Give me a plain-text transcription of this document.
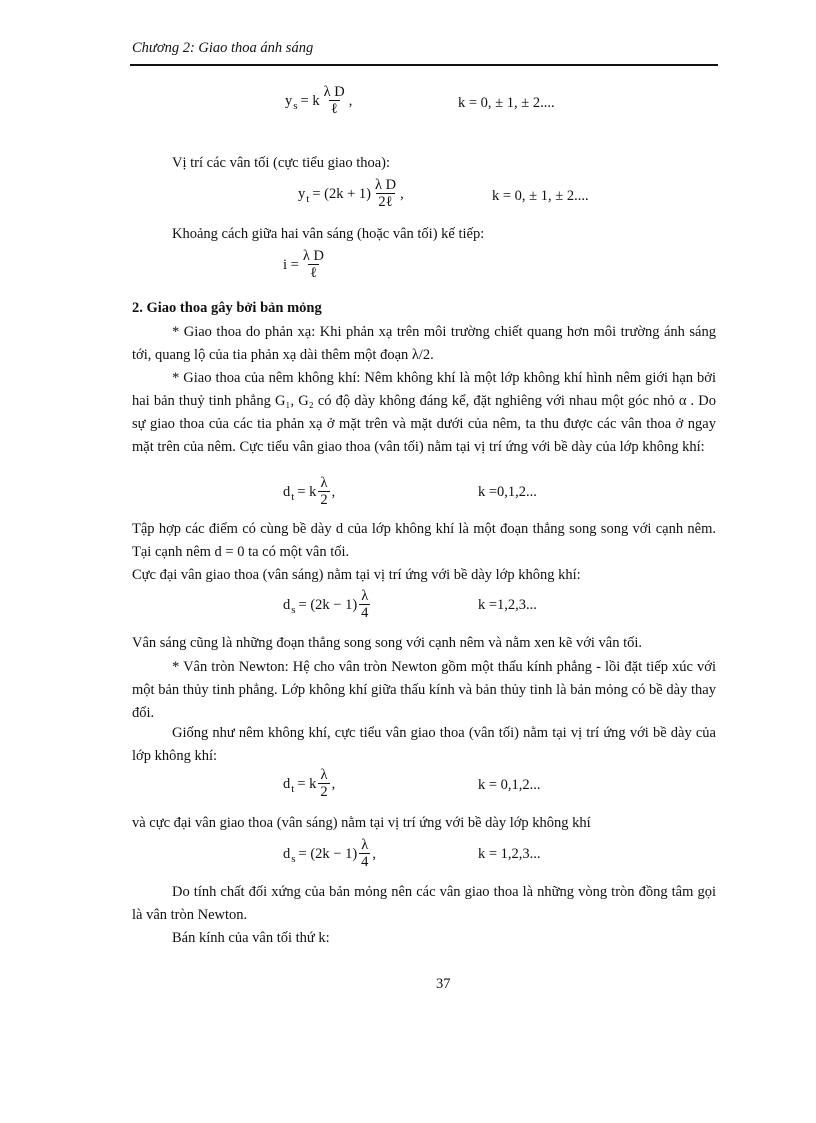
Chương 2: Giao thoa ánh sáng
y s = k $\frac{\text{λ D}}{\text{ℓ}}$ ,	k = 0, ± 1, ± 2....
Vị trí các vân tối (cực tiểu giao thoa):
y $t = (2k + 1) \frac{\text{λ D}}{\text{2ℓ}}$ ,	k = 0, ± 1, ± 2....
Khoảng cách giữa hai vân sáng (hoặc vân tối) kế tiếp:
$i = \frac{\text{λ D}}{\text{ℓ}}$
2. Giao thoa gây bởi bản mỏng
* Giao thoa do phản xạ: Khi phản xạ trên môi trường chiết quang hơn môi trường ánh sáng tới, quang lộ của tia phản xạ dài thêm một đoạn λ/2.
* Giao thoa của nêm không khí: Nêm không khí là một lớp không khí hình nêm giới hạn bởi hai bản thuỷ tinh phẳng G₁, G₂ có độ dày không đáng kể, đặt nghiêng với nhau một góc nhỏ α . Do sự giao thoa của các tia phản xạ ở mặt trên và mặt dưới của nêm, ta thu được các vân thoa ở ngay mặt trên của nêm. Cực tiểu vân giao thoa (vân tối) nằm tại vị trí ứng với bề dày của lớp không khí:
d t = k $\frac{\lambda}{2}$ ,	k =0,1,2...
Tập hợp các điểm có cùng bề dày d của lớp không khí là một đoạn thẳng song song với cạnh nêm. Tại cạnh nêm d = 0 ta có một vân tối.
Cực đại vân giao thoa (vân sáng) nằm tại vị trí ứng với bề dày lớp không khí:
d $s = (2k - 1) \frac{\lambda}{4}$	k =1,2,3...
Vân sáng cũng là những đoạn thẳng song song với cạnh nêm và nằm xen kẽ với vân tối.
* Vân tròn Newton: Hệ cho vân tròn Newton gồm một thấu kính phẳng - lồi đặt tiếp xúc với một bản thủy tinh phẳng. Lớp không khí giữa thấu kính và bản thủy tinh là bản mỏng có bề dày thay đổi.
Giống như nêm không khí, cực tiểu vân giao thoa (vân tối) nằm tại vị trí ứng với bề dày của lớp không khí:
d t = k $\frac{\lambda}{2}$ ,	k = 0,1,2...
và cực đại vân giao thoa (vân sáng) nằm tại vị trí ứng với bề dày lớp không khí
d $s = (2k - 1) \frac{\lambda}{4}$ ,	k = 1,2,3...
Do tính chất đối xứng của bản mỏng nên các vân giao thoa là những vòng tròn đồng tâm gọi là vân tròn Newton.
Bán kính của vân tối thứ k:
37
